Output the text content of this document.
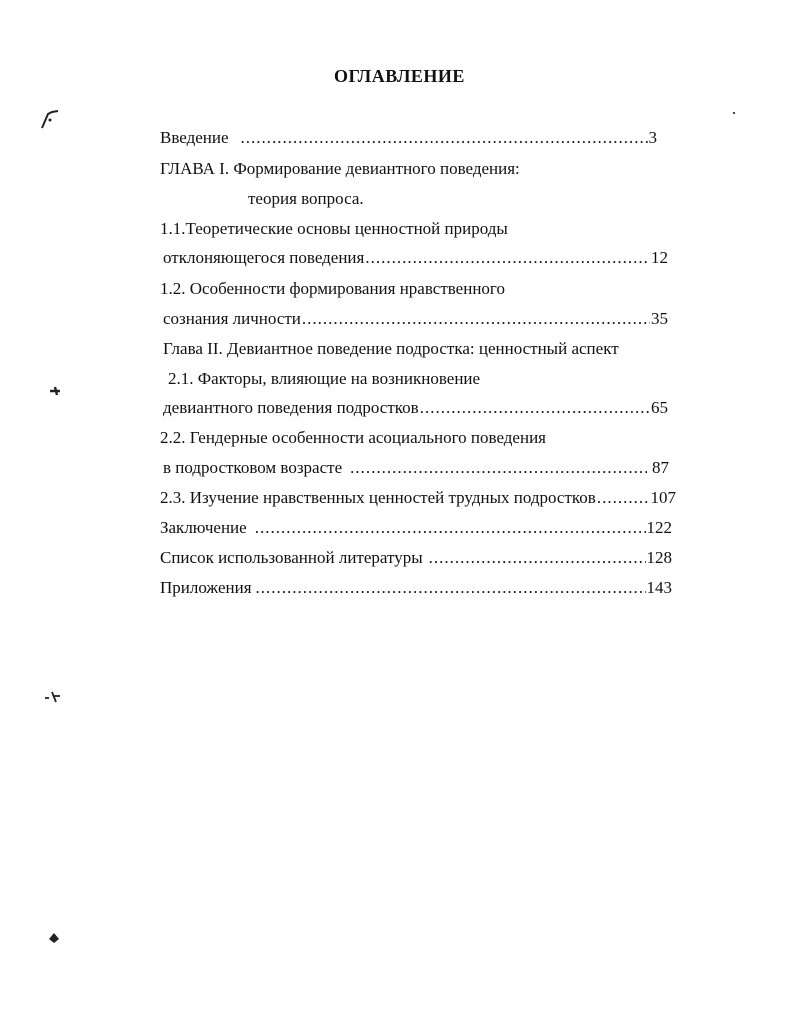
ОГЛАВЛЕНИЕ
Введение .....	3
ГЛАВА I. Формирование девиантного поведения:
теория вопроса.
1.1.Теоретические основы ценностной природы
отклоняющегося поведения .....	12
1.2. Особенности формирования нравственного
сознания личности .....	35
Глава II. Девиантное поведение подростка: ценностный аспект
2.1. Факторы, влияющие на возникновение
девиантного поведения подростков .....	65
2.2. Гендерные особенности асоциального поведения
в подростковом возрасте .....	87
2.3. Изучение нравственных ценностей трудных подростков .....	107
Заключение .....	122
Список использованной литературы .....	128
Приложения .....	143
